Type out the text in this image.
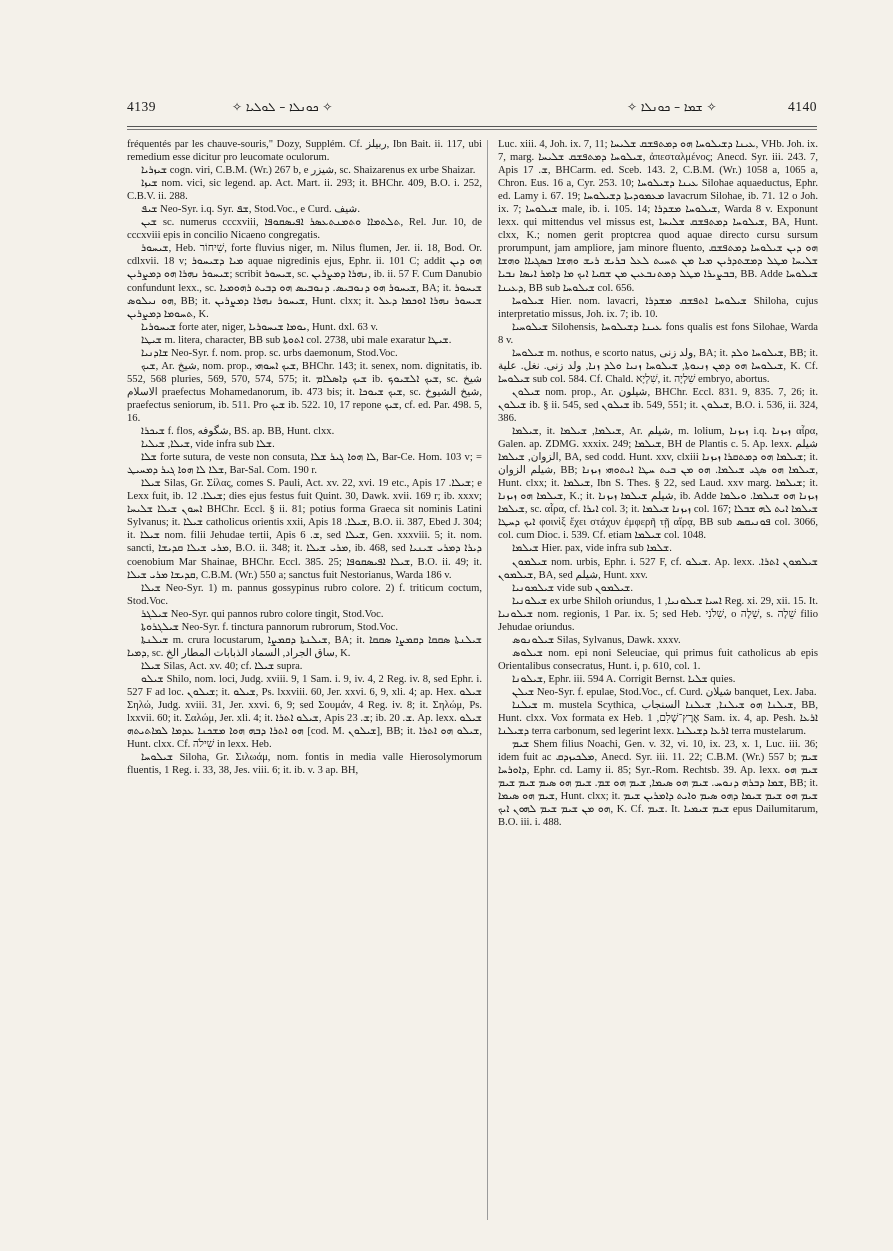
4139	✧ ܟܘܢܠܐ – ܠܘܠܝܐ ✧	✧ ܫܡܐ – ܟܘܢܠܐ ✧	4140

fréquentés par les chauve-souris," Dozy, Supplém. Cf. ربيلز, Ibn Bait. ii. 117, ubi remedium esse dicitur pro leucomate oculorum.

ܫܝܙܪܝܐ cogn. viri, C.B.M. (Wr.) 267 b, e شيزر, sc. Shaizarenus ex urbe Shaizar.

ܫܝܙܐ nom. vici, sic legend. ap. Act. Mart. ii. 293; it. BHChr. 409, B.O. i. 252, C.B.V. ii. 288.

ܫܝܦ Neo-Syr. i.q. Syr. ܫܦ, Stod.Voc., e Curd. شيف.

ܫܝܢ sc. numerus cccxviii, ܬܠܬܡܐܐ ܘܬܡܢܬܥܣܪ ܐܦܝܣܩܘܦܐ, Rel. Jur. 10, de cccxviii epis in concilio Nicaeno congregatis.

ܫܝܚܘܪ, Heb. שִׁיחוֹר, forte fluvius niger, m. Nilus flumen, Jer. ii. 18, Bod. Or. cdlxvii. 18 v; ܡܝܐ ܕܫܝܚܘܪ aquae nigredinis ejus, Ephr. ii. 101 C; addit ܗܘ ܕܝܢ ܫܝܚܘܪ ܢܗܪܐ ܗܘ ܕܡܨܪܝܢ; scribit ܫܝܚܘܪ, sc. ܢܗܪܐ ܕܡܨܪܝܢ, ib. ii. 57 F. Cum Danubio confundunt lexx., sc. ܫܝܚܘܪ ܗܘ ܕܢܘܒܝܣ. ܕܢܘܒܝܣ ܗܘ ܕܒܝܬ ܪܗܘܡܝܐ, BA; it. ܫܝܚܘܪ ܗܘ ܢܝܠܘܣ, BB; it. ܫܝܚܘܪ ܢܗܪܐ ܕܡܨܪܝܢ, Hunt. clxx; it. ܫܝܚܘܪ ܢܗܪܐ ܐܘܟܡܐ ܕܥܠ ܬܚܘܡܐ ܕܡܨܪܝܢ, K.

ܫܝܚܘܪܝܐ forte ater, niger, ܝܘܡܐ ܫܝܚܘܪܝܐ, Hunt. dxl. 63 v.

ܫܝܛܐ m. litera, character, BB sub ܐܬܘܬܐ col. 2738, ubi male exaratur ܫܝܛܐ.

ܫܐܕܢܝܐ Neo-Syr. f. nom. prop. sc. urbs daemonum, Stod.Voc.

ܫܝܟ, Ar. شيخ, nom. prop., ܫܝܟ ܐܚܘܗܝ, BHChr. 143; it. senex, nom. dignitatis, ib. 552, 568 pluries, 569, 570, 574, 575; it. ܫܝܟ ܕܐܣܠܐܡ ib. ܫܝܟ ܐܠܫܝܘܟ, sc. شيخ الاسلام praefectus Mohamedanorum, ib. 473 bis; it. ܫܝܟ ܫܝܘܟܐ, sc. شيخ الشيوخ, praefectus seniorum, ib. 511. Pro ܫܝܟ ib. 522. 10, 17 repone ܫܝܟ, cf. ed. Par. 498. 5, 16.

ܫܝܟܪܐ f. flos, شگوفه, BS. ap. BB, Hunt. clxx.

ܫܝܠܐ, ܫܝܠܝܐ, vide infra sub ܫܠܐ.

ܫܠܐ forte sutura, de veste non consuta, ܠܐ ܗܘܐ ܓܝܪ ܫܠܐ, Bar-Ce. Hom. 103 v; = ܫܠܐ ܠܐ ܗܘܐ ܓܝܪ ܕܡܚܝܛ, Bar-Sal. Com. 190 r.

ܫܝܠܐ Silas, Gr. Σίλας, comes S. Pauli, Act. xv. 22, xvi. 19 etc., Apis ܫܝܠܐ. 17; e Lexx fuit, ib. ܫܝܠܐ. 12; dies ejus festus fuit Quint. 30, Dawk. xvii. 169 r; ib. xxxv; ܐܚܘܢ ܫܝܠܐ ܫܠܝܚܐ BHChr. Eccl. § ii. 81; potius forma Graeca sit nominis Latini Sylvanus; it. ܫܝܠܐ catholicus orientis xxii, Apis ܫܝܠܐ. 18, B.O. ii. 387, Ebed J. 304; it. ܫܝܠܐ nom. filii Jehudae tertii, Apis ܫ. 6, sed ܫܝܠܐ, Gen. xxxviii. 5; it. nom. sancti, ܡܪܝ ܫܝܠܐ ܩܕܝܫܐ, B.O. ii. 348; it. ܡܪܝ ܫܝܠܐ, ib. 468, sed ܕܝܪܐ ܕܡܪܝ ܫܝܢܝܐ coenobium Mar Shainae, BHChr. Eccl. 385. 25; ܫܝܠܐ ܐܦܝܣܩܘܦܐ, B.O. ii. 49; it. ܩܕܝܫܐ ܡܪܝ ܫܝܠܐ, C.B.M. (Wr.) 550 a; sanctus fuit Nestorianus, Warda 186 v.

ܫܝܠܐ Neo-Syr. 1) m. pannus gossypinus rubro colore. 2) f. triticum coctum, Stod.Voc.

ܫܝܠܓܪ Neo-Syr. qui pannos rubro colore tingit, Stod.Voc.

ܫܝܠܓܪܘܬܐ Neo-Syr. f. tinctura pannorum rubrorum, Stod.Voc.

ܫܝܠܢܬܐ m. crura locustarum, ܫܝܠܢܬܐ ܕܩܡܨܐ, BA; it. ܫܝܠܢܬܐ ܣܩܩܐ ܕܩܡܨܐ ܣܩܩܐ ܕܡܝܐ, sc. ساق الجراد, السماد الذبابات المطار الخ, K.

ܫܝܠܐ Silas, Act. xv. 40; cf. ܫܝܠܐ supra.

ܫܝܠܘ Shilo, nom. loci, Judg. xviii. 9, 1 Sam. i. 9, iv. 4, 2 Reg. iv. 8, sed Ephr. i. 527 F ad loc. ܫܝܠܘܢ; it. ܫܝܠܘ, Ps. lxxviii. 60, Jer. xxvi. 6, 9, xli. 4; ap. Hex. ܫܝܠܘ Σηλώ, Judg. xviii. 31, Jer. xxvi. 6, 9; sed Σουμάν, 4 Reg. iv. 8; it. Σηλώμ, Ps. lxxvii. 60; it. Σαλώμ, Jer. xli. 4; it. ܫܝܠܘ ܐܬܪܐ, Apis ܫ. 23; ib. ܫ. 20. Ap. lexx. ܫܝܠܘ ܗܘ ܐܬܪܐ ܕܒܗ ܗܘܐ ܡܫܟܢܐ ܥܕܡܐ ܠܡܐܬܝܬܗ [cod. M. ܫܝܠܘܢ], BB; it. ܫܝܠܘ ܗܘ ܐܬܪܐ, Hunt. clxx. Cf. שִׁילֹה in lexx. Heb.

ܫܝܠܘܚܐ Siloha, Gr. Σιλωάμ, nom. fontis in media valle Hierosolymorum fluentis, 1 Reg. i. 33, 38, Jes. viii. 6; it. ib. v. 3 ap. BH,

Luc. xiii. 4, Joh. ix. 7, 11; ܥܝܢܐ ܕܫܝܠܘܚܐ ܗܘ ܕܡܬܦܫܩ ܫܠܝܚܐ, VHb. Joh. ix. 7, marg. ܫܝܠܘܚܐ ܕܡܬܦܫܩ ܫܠܝܚܐ, ἀπεσταλμένος; Anecd. Syr. iii. 243. 7, Apis ܫ. 17, BHCarm. ed. Sceb. 143. 2, C.B.M. (Wr.) 1058 a, 1065 a, Chron. Eus. 16 a, Cyr. 253. 10; ܥܝܢܐ ܕܫܝܠܘܚܐ Silohae aquaeductus, Ephr. ed. Lamy i. 67. 19; ܡܥܡܘܕܝܬܐ ܕܫܝܠܘܚܐ lavacrum Silohae, ib. 71. 12 o Joh. ix. 7; ܫܝܠܘܚܐ male, ib. i. 105. 14; ܫܝܠܘܚܐ ܡܫܕܪܐ, Warda 8 v. Exponunt lexx. qui mittendus vel missus est, ܫܝܠܘܚܐ ܕܡܬܦܫܩ ܫܠܝܚܐ, BA, Hunt. clxx, K.; nomen gerit proptcrea quod aquae directo cursu sursum prorumpunt, jam ampliore, jam minore fluento, ܗܘ ܕܝܢ ܫܝܠܘܚܐ ܕܡܬܦܫܩ ܫܠܝܚܐ ܡܛܠ ܕܡܫܬܕܪܝܢ ܡܝܐ ܡܢ ܬܚܝܬ ܠܥܠ ܒܪܝܫ ܪܝܫ ܘܗܫܐ ܒܣܓܝܐܐ ܘܗܫܐ ܒܒܨܝܪܐ ܡܛܠ ܕܡܬܢܒܥܝܢ ܡܢ ܫܩܝܐ ܐܝܟ ܡܐ ܕܐܡܪ ܐܝܣܐ ܢܒܝܐ, BB. Adde ܫܝܠܘܚܐ ܕܥܝܢܐ, BB sub ܫܝܠܘܚܐ col. 656.

ܫܝܠܘܚܐ Hier. nom. lavacri, ܫܝܠܘܚܐ ܐܬܦܫܩ ܡܫܕܪܐ Shiloha, cujus interpretatio missus, Joh. ix. 7; ib. 10.

ܫܝܠܘܚܝܐ Silohensis, ܥܝܢܐ ܕܫܝܠܘܚܐ fons qualis est fons Silohae, Warda 8 v.

ܫܝܠܘܚܐ m. nothus, e scorto natus, ولد زنى, BA; it. ܫܝܠܘܚܐ ܘܠܕ, BB; it. ܫܝܠܘܚܐ ܗܘ ܕܡܢ ܙܢܝܘܬܐ, ܫܝܠܘܚܐ ܙܢܝܐ ܘܠܕ ܙܢܐ, ولد زنى. نغل. علية, K. Cf. ܫܝܠܘܚܐ sub col. 584. Cf. Chald. שִׁלְיָא, it. שִׁלְיָה embryo, abortus.

ܫܝܠܘܢ nom. prop., Ar. شيلون, BHChr. Eccl. 831. 9, 835. 7, 26; it. ܫܝܠܘܢ ib. § ii. 545, sed ܫܝܠܘܢ ib. 549, 551; it. ܫܝܠܘܢ, B.O. i. 536, ii. 324, 386.

ܫܝܠܡܐ, it. ܫܝܠܡܐ, ܫܝܠܡܐ, Ar. شيلم, m. lolium, ܙܝܙܢܐ i.q. ܙܝܙܢܐ αἶρα, Galen. ap. ZDMG. xxxix. 249; ܫܝܠܡܐ, BH de Plantis c. 5. Ap. lexx. شيلم الزوان, ܫܝܠܡܐ, BA, sed codd. Hunt. xxv, clxiii ܫܝܠܡܐ ܗܘ ܕܡܬܩܪܐ ܙܝܙܢܐ; it. شيلم الزوان, BB; ܫܝܠܡܐ ܗܘ ܣܓܝ ܫܝܠܡܐ. ܗܘ ܡܢ ܒܝܬ ܚܛܐ ܐܝܬܘܗܝ ܙܝܙܢܐ, Hunt. clxx; it. ܫܝܠܡܐ, Ibn S. Thes. § 22, sed Laud. xxv marg. ܫܝܠܡܐ; it. ܫܝܠܡܐ ܗܘ ܙܝܙܢܐ, K.; it. شيلم ܫܝܠܡܐ ܙܝܙܢܐ, ib. Adde ܙܝܙܢܐ ܗܘ ܫܝܠܡܐ. ܘܝܠܡܐ ܫܝܠܡܐ, sc. αἶρα, cf. ܐܝܪܐ col. 3; it. ܙܝܙܢܐ ܫܝܠܡܐ col. 167; ܫܝܠܡܐ ܐܝܬ ܠܗ ܫܒܠܐ ܐܝܟ ܕܚܛܐ φοινὶξ ἔχει στάχυν ἐμφερῆ τῇ αἴρᾳ, BB sub ܦܘܢܝܩܣ col. 3066, col. cum Dioc. i. 539. Cf. etiam ܫܝܠܡܐ col. 1048.

ܫܝܠܡܐ Hier. pax, vide infra sub ܫܠܡܐ.

ܫܝܠܡܘܢ nom. urbis, Ephr. i. 527 F, cf. ܫܝܠܘ. Ap. lexx. ܫܝܠܡܘܢ ܐܬܪܐ. ܫܝܠܡܘܢ, BA, sed شيلم, Hunt. xxv.

ܫܝܠܡܘܢܝܐ vide sub ܫܝܠܡܘܢ.

ܫܝܠܘܢܝܐ ex urbe Shiloh oriundus, ܐܚܝܐ ܫܝܠܘܢܝܐ, 1 Reg. xi. 29, xii. 15. It. ܫܝܠܘܢܝܐ nom. regionis, 1 Par. ix. 5; sed Heb. שִׁלֹנִי, o שֵׁלָה, s. שֵׁלָה filio Jehudae oriundus.

ܫܝܠܘܢܘܣ Silas, Sylvanus, Dawk. xxxv.

ܫܝܠܘܣ nom. epi noni Seleuciae, qui primus fuit catholicus ab epis Orientalibus consecratus, Hunt. i, p. 610, col. 1.

ܫܝܠܘܢܐ, Ephr. iii. 594 A. Corrigit Bernst. ܫܠܝܐ quies.

ܫܝܠܢ Neo-Syr. f. epulae, Stod.Voc., cf. Curd. شيلان banquet, Lex. Jaba.

ܫܝܠܢܐ m. mustela Scythica, ܫܝܠܢܐ ܗܘ ܫܝܠܢܐ, ܫܝܠܢܐ السنجاب, BB, Hunt. clxx. Vox formata ex Heb. אֶרֶץ־שָׁלִם, 1 Sam. ix. 4, ap. Pesh. ܐܪܥܐ ܕܫܝܠܢܐ terra carbonum, sed legerint lexx. ܐܪܥܐ ܕܫܝܠܢܐ terra mustelarum.

ܫܝܡ Shem filius Noachi, Gen. v. 32, vi. 10, ix. 23, x. 1, Luc. iii. 36; idem fuit ac ܡܠܟܝܙܕܩ, Anecd. Syr. iii. 11. 22; C.B.M. (Wr.) 557 b; ܫܝܡ ܕܐܘܪܚܐ, Ephr. cd. Lamy ii. 85; Syr.-Rom. Rechtsb. 39. Ap. lexx. ܫܝܡ ܗܘ ܫܡܐ ܕܒܪܗ ܕܢܘܚ. ܫܝܡ ܗܘ ܣܝܡܐ, ܫܝܡ ܗܘ ܫܡ. ܫܝܡ ܗܘ ܣܝܡ ܫܝܡ ܫܝܡ, BB; it. ܫܝܡ ܗܘ ܣܝܡܐ, Hunt. clxx; it. ܫܝܡ ܗܘ ܫܝܡ ܫܝܡܐ ܕܗܘ ܣܝܡ ܘܐܝܬ ܕܐܡܪܝܢ ܫܝܡ ܗܘ ܡܢ ܫܝܡ ܫܝܡ ܠܗܘܢ ܐܝܟ, K. Cf. ܫܝܡ. It. ܫܝܡ ܫܝܡܝܐ epus Dailumitarum, B.O. iii. i. 488.
